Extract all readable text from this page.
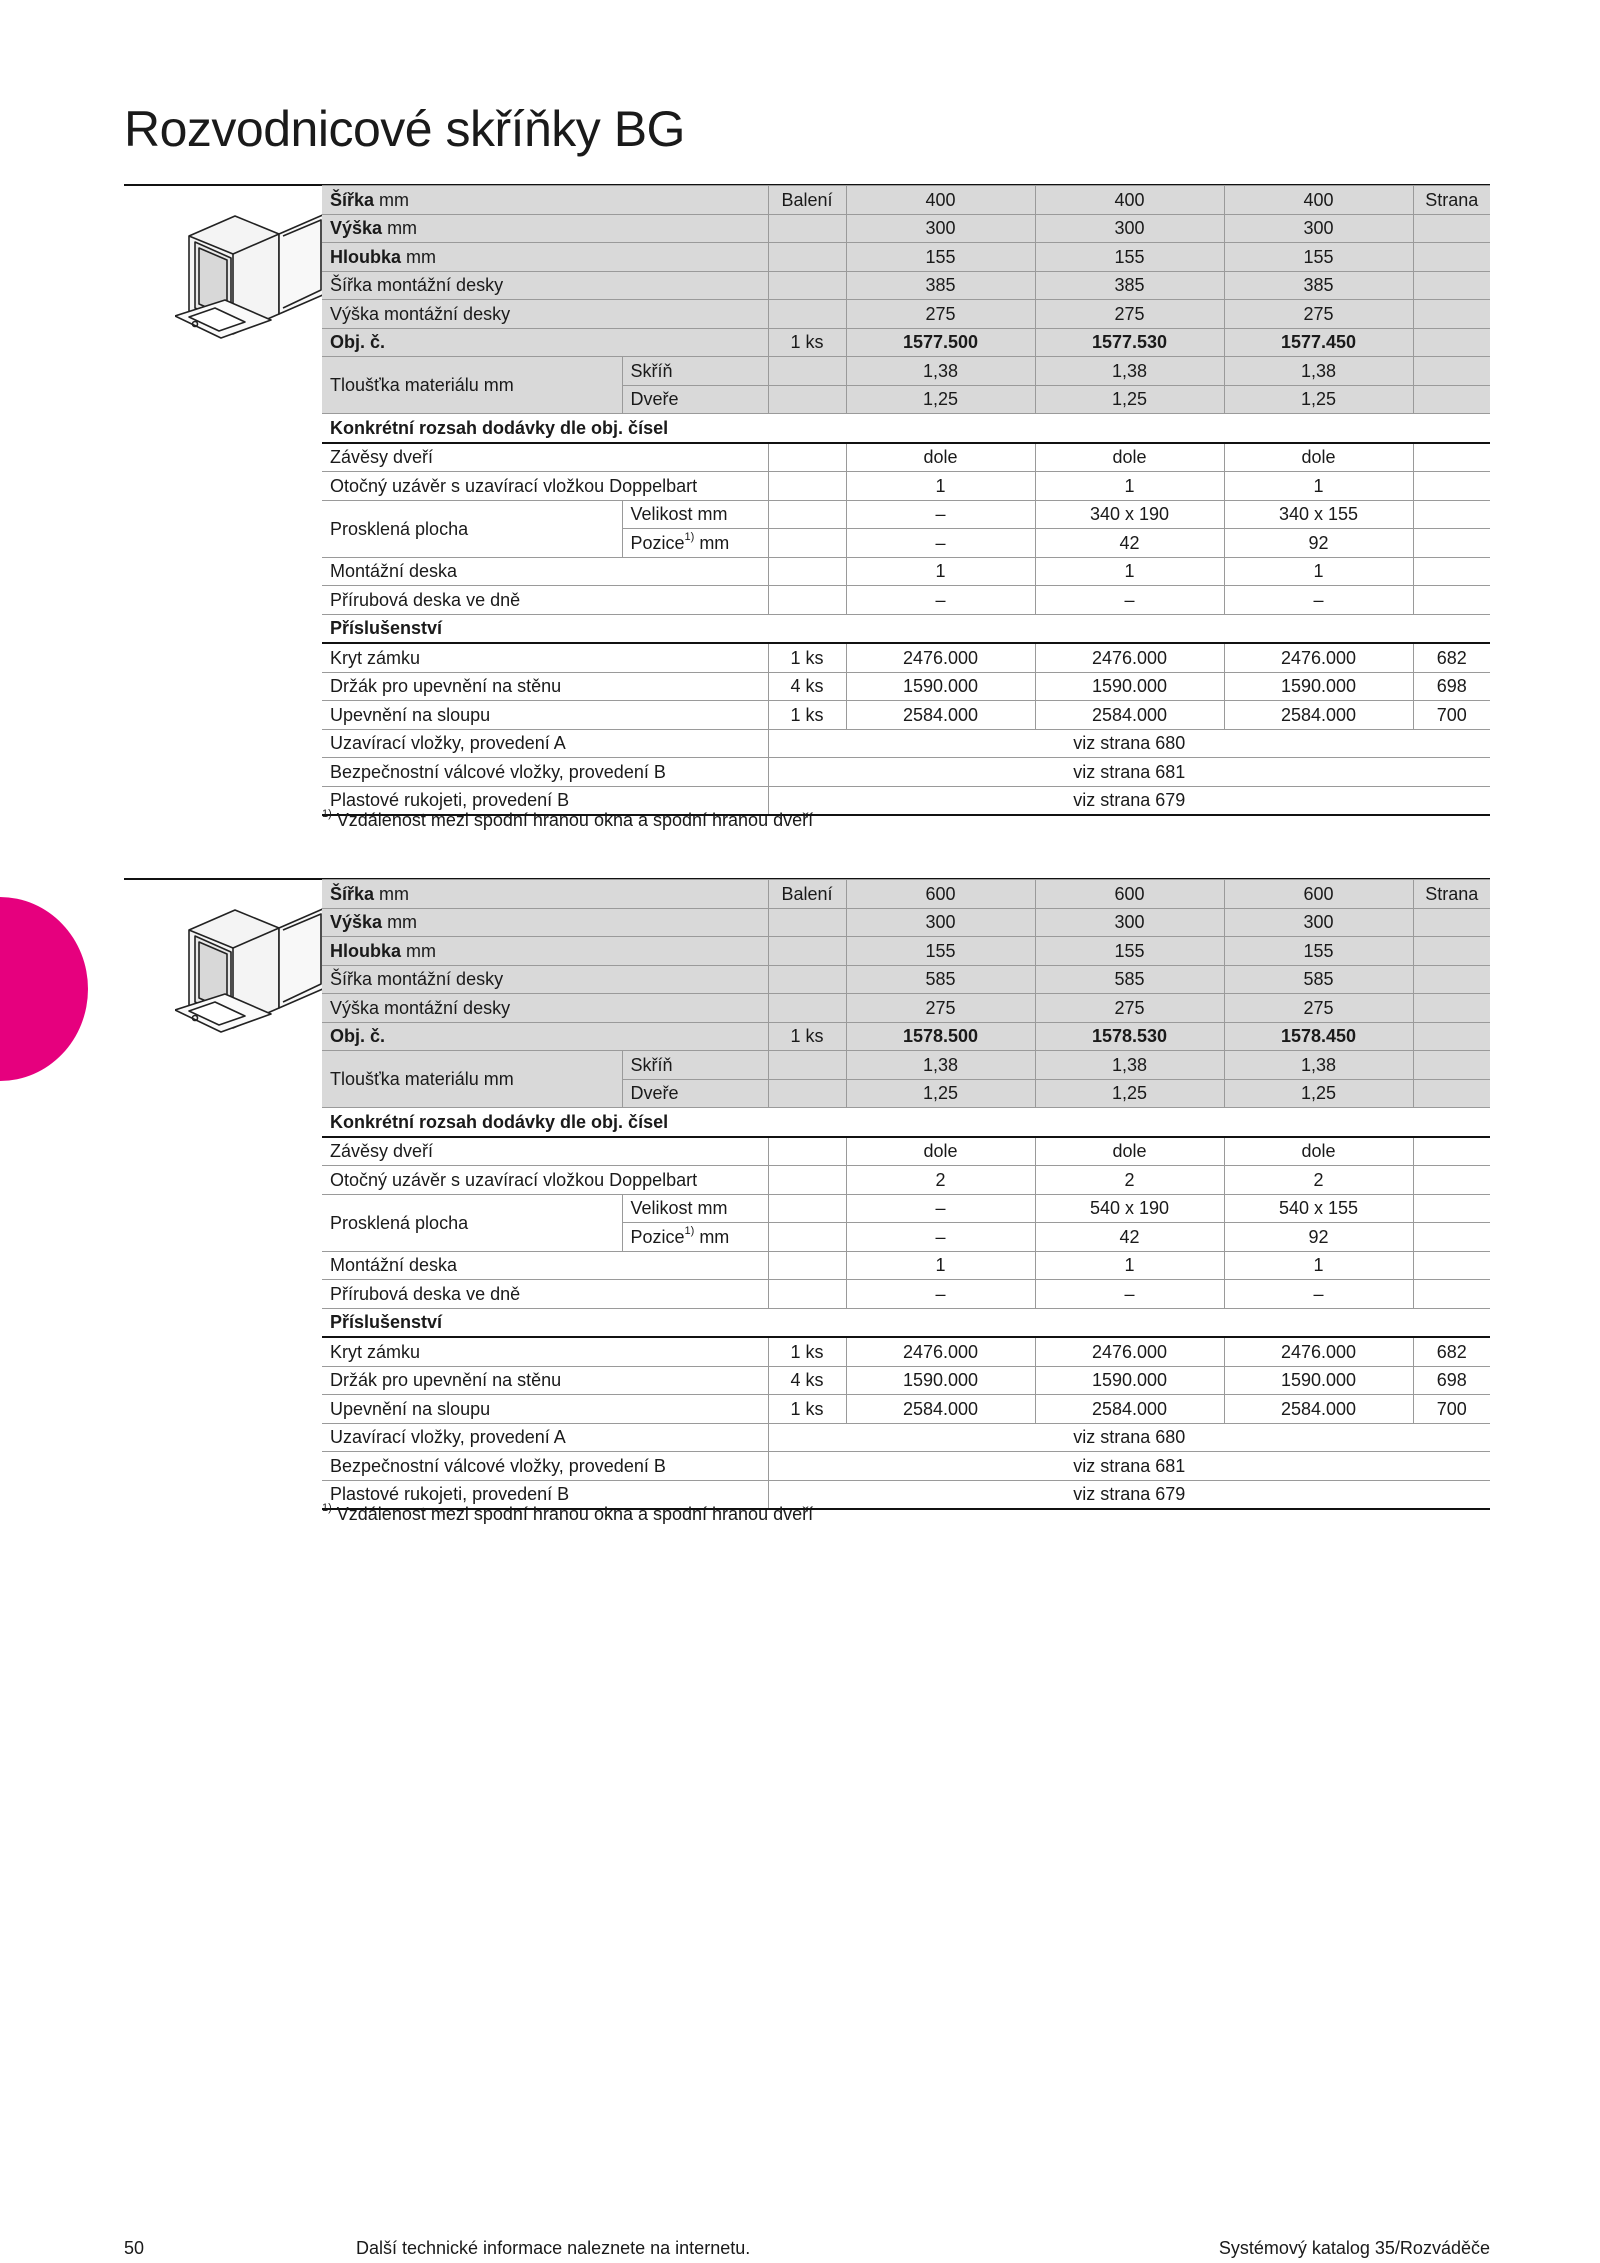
Rozvodnicové skříňky BG
Šířka mm		Balení	400	400	400	Strana
Výška mm			300	300	300	
Hloubka mm			155	155	155	
Šířka montážní desky			385	385	385	
Výška montážní desky			275	275	275	
Obj. č.		1 ks	1577.500	1577.530	1577.450	
Tloušťka materiálu mm	Skříň		1,38	1,38	1,38	
	Dveře		1,25	1,25	1,25	
Konkrétní rozsah dodávky dle obj. čísel						
Závěsy dveří			dole	dole	dole	
Otočný uzávěr s uzavírací vložkou Doppelbart			1	1	1	
Prosklená plocha	Velikost mm		–	340 x 190	340 x 155	
	Pozice$^{1)}$ mm		–	42	92	
Montážní deska			1	1	1	
Přírubová deska ve dně			–	–	–	
Příslušenství						
Kryt zámku		1 ks	2476.000	2476.000	2476.000	682
Držák pro upevnění na stěnu		4 ks	1590.000	1590.000	1590.000	698
Upevnění na sloupu		1 ks	2584.000	2584.000	2584.000	700
Uzavírací vložky, provedení A		viz strana 680				
Bezpečnostní válcové vložky, provedení B		viz strana 681				
Plastové rukojeti, provedení B		viz strana 679				
$^{1)}$ Vzdálenost mezi spodní hranou okna a spodní hranou dveří
Šířka mm		Balení	600	600	600	Strana
Výška mm			300	300	300	
Hloubka mm			155	155	155	
Šířka montážní desky			585	585	585	
Výška montážní desky			275	275	275	
Obj. č.		1 ks	1578.500	1578.530	1578.450	
Tloušťka materiálu mm	Skříň		1,38	1,38	1,38	
	Dveře		1,25	1,25	1,25	
Konkrétní rozsah dodávky dle obj. čísel						
Závěsy dveří			dole	dole	dole	
Otočný uzávěr s uzavírací vložkou Doppelbart			2	2	2	
Prosklená plocha	Velikost mm		–	540 x 190	540 x 155	
	Pozice$^{1)}$ mm		–	42	92	
Montážní deska			1	1	1	
Přírubová deska ve dně			–	–	–	
Příslušenství						
Kryt zámku		1 ks	2476.000	2476.000	2476.000	682
Držák pro upevnění na stěnu		4 ks	1590.000	1590.000	1590.000	698
Upevnění na sloupu		1 ks	2584.000	2584.000	2584.000	700
Uzavírací vložky, provedení A		viz strana 680				
Bezpečnostní válcové vložky, provedení B		viz strana 681				
Plastové rukojeti, provedení B		viz strana 679				
$^{1)}$ Vzdálenost mezi spodní hranou okna a spodní hranou dveří
50	Další technické informace naleznete na internetu.	Systémový katalog 35/Rozváděče
